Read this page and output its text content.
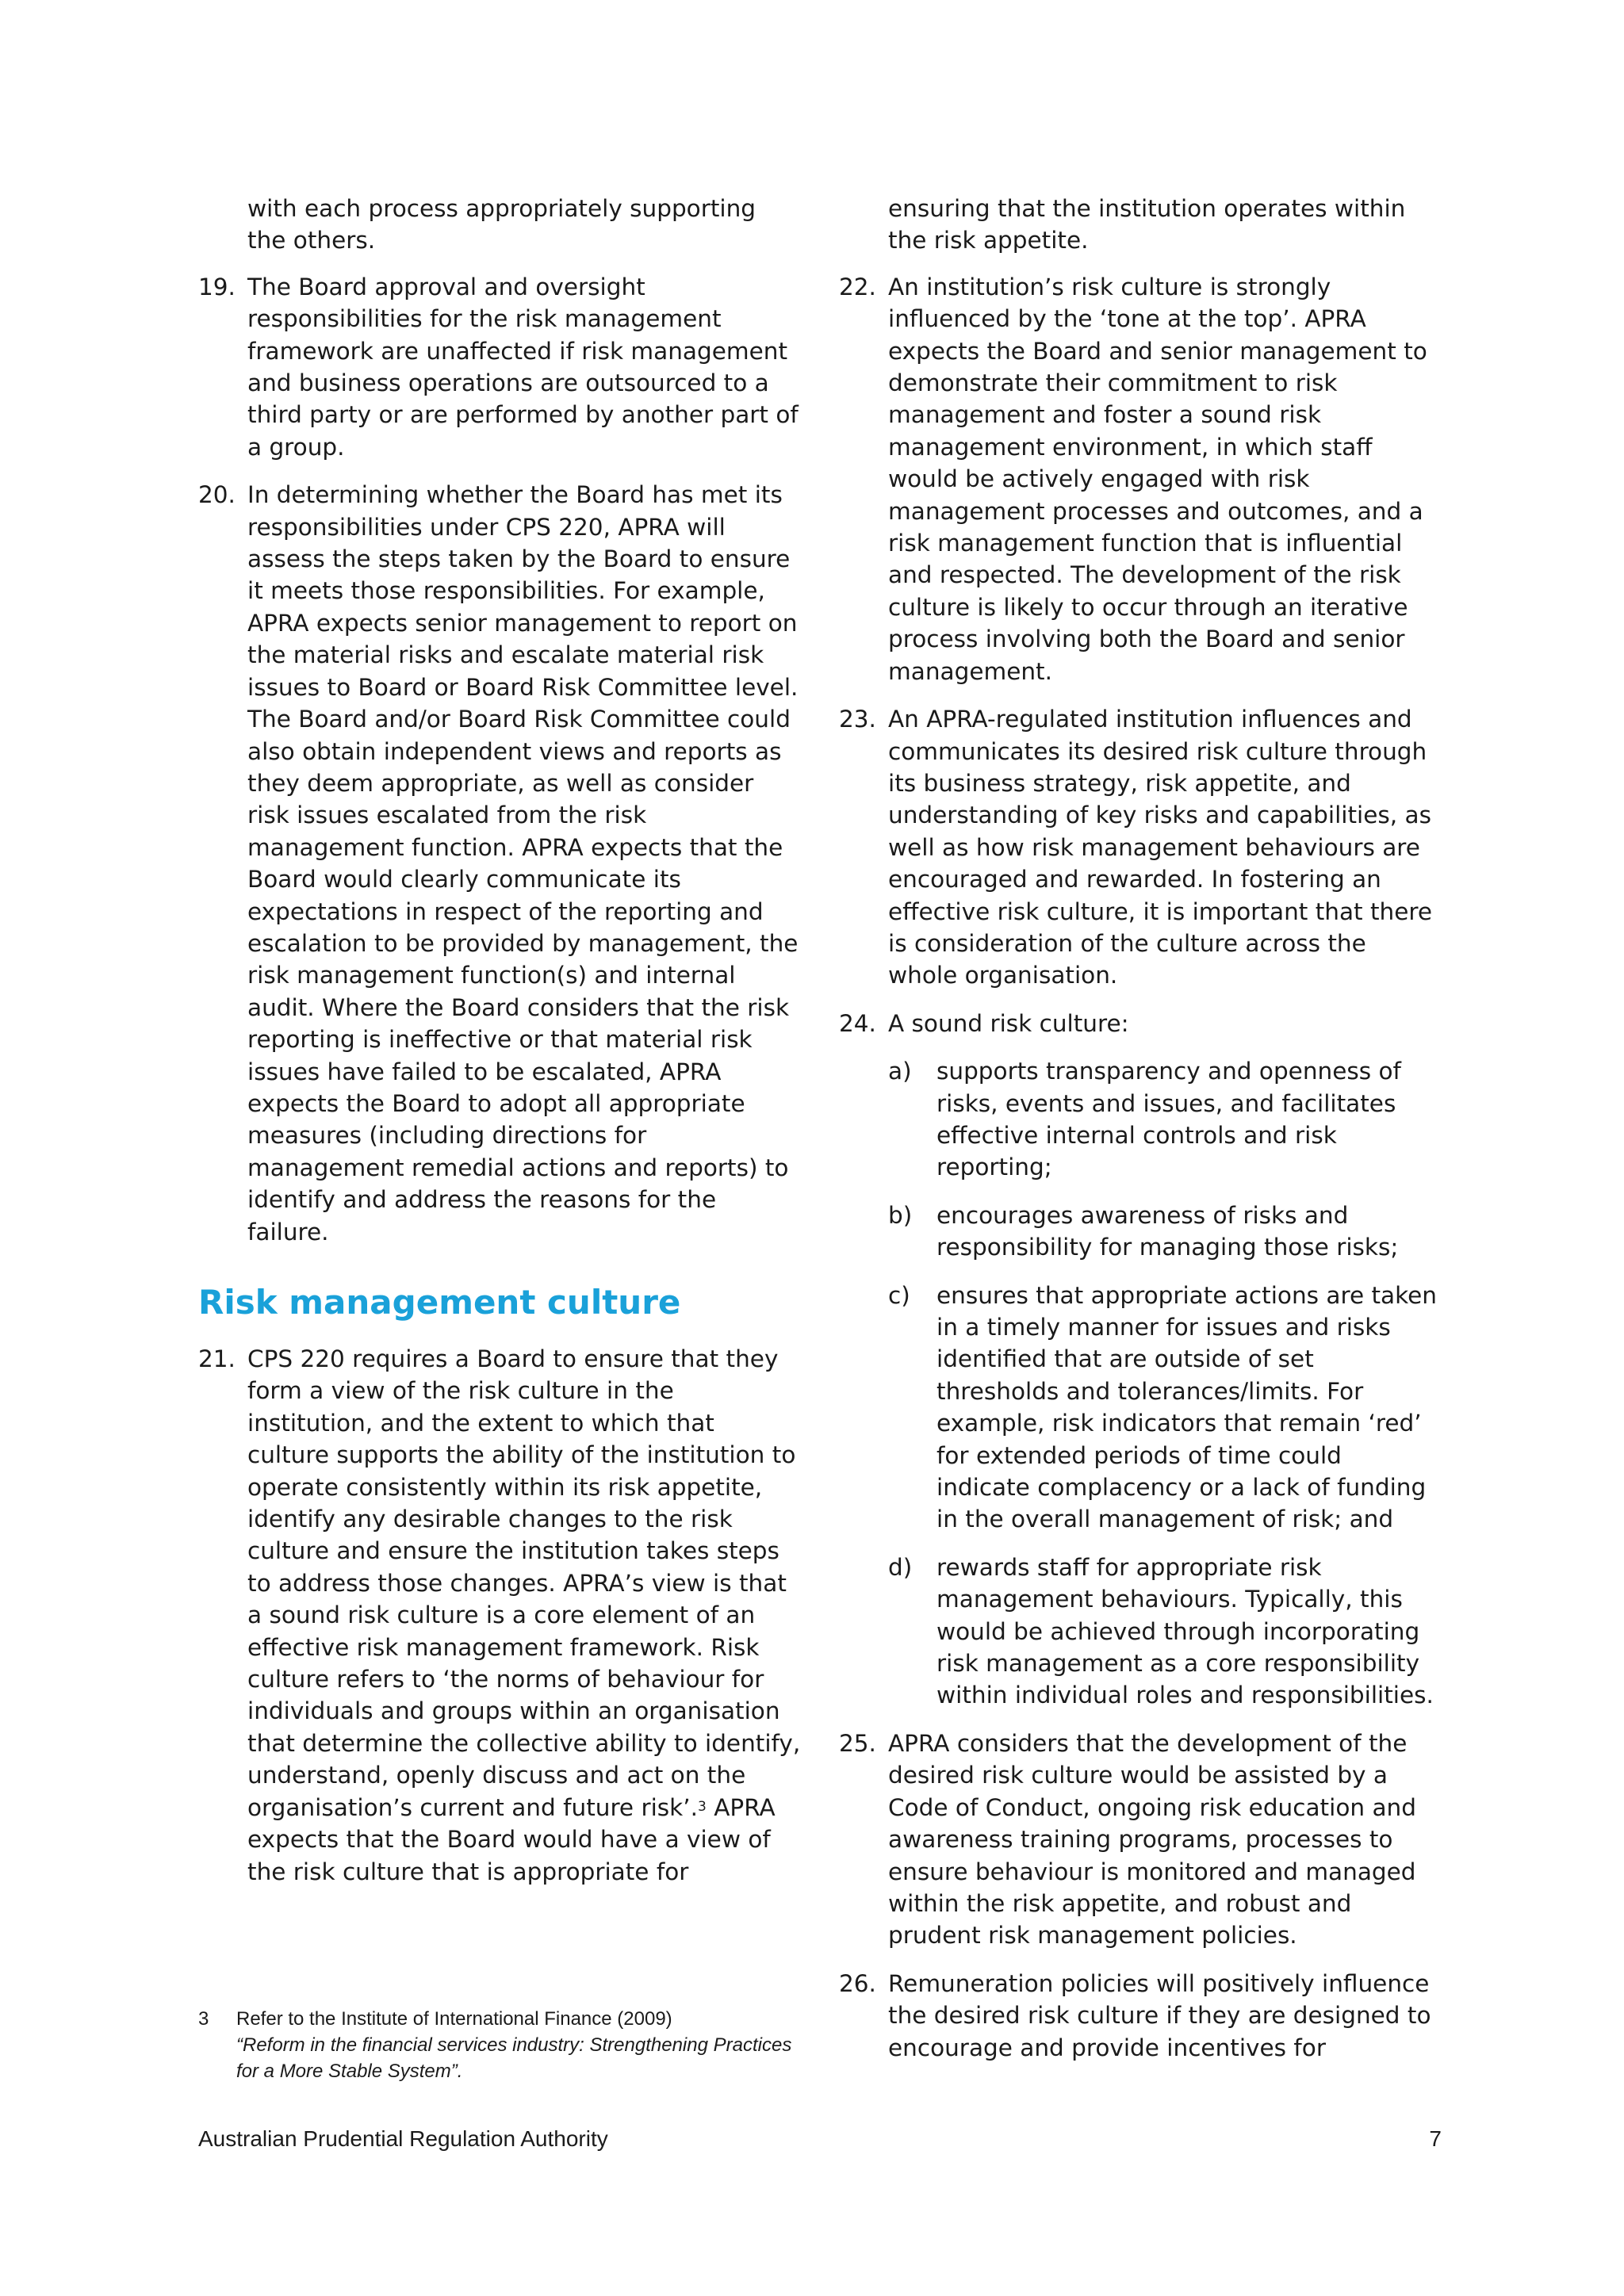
with each process appropriately supporting the others.

19. The Board approval and oversight responsibilities for the risk management framework are unaffected if risk management and business operations are outsourced to a third party or are performed by another part of a group.
20. In determining whether the Board has met its responsibilities under CPS 220, APRA will assess the steps taken by the Board to ensure it meets those responsibilities. For example, APRA expects senior management to report on the material risks and escalate material risk issues to Board or Board Risk Committee level. The Board and/or Board Risk Committee could also obtain independent views and reports as they deem appropriate, as well as consider risk issues escalated from the risk management function. APRA expects that the Board would clearly communicate its expectations in respect of the reporting and escalation to be provided by management, the risk management function(s) and internal audit. Where the Board considers that the risk reporting is ineffective or that material risk issues have failed to be escalated, APRA expects the Board to adopt all appropriate measures (including directions for management remedial actions and reports) to identify and address the reasons for the failure.
Risk management culture
21. CPS 220 requires a Board to ensure that they form a view of the risk culture in the institution, and the extent to which that culture supports the ability of the institution to operate consistently within its risk appetite, identify any desirable changes to the risk culture and ensure the institution takes steps to address those changes. APRA’s view is that a sound risk culture is a core element of an effective risk management framework. Risk culture refers to ‘the norms of behaviour for individuals and groups within an organisation that determine the collective ability to identify, understand, openly discuss and act on the organisation’s current and future risk’.$^3$ APRA expects that the Board would have a view of the risk culture that is appropriate for

ensuring that the institution operates within the risk appetite.

22. An institution’s risk culture is strongly influenced by the ‘tone at the top’. APRA expects the Board and senior management to demonstrate their commitment to risk management and foster a sound risk management environment, in which staff would be actively engaged with risk management processes and outcomes, and a risk management function that is influential and respected. The development of the risk culture is likely to occur through an iterative process involving both the Board and senior management.
23. An APRA-regulated institution influences and communicates its desired risk culture through its business strategy, risk appetite, and understanding of key risks and capabilities, as well as how risk management behaviours are encouraged and rewarded. In fostering an effective risk culture, it is important that there is consideration of the culture across the whole organisation.
24. A sound risk culture:
a) supports transparency and openness of risks, events and issues, and facilitates effective internal controls and risk reporting;
b) encourages awareness of risks and responsibility for managing those risks;
c) ensures that appropriate actions are taken in a timely manner for issues and risks identified that are outside of set thresholds and tolerances/limits. For example, risk indicators that remain ‘red’ for extended periods of time could indicate complacency or a lack of funding in the overall management of risk; and
d) rewards staff for appropriate risk management behaviours. Typically, this would be achieved through incorporating risk management as a core responsibility within individual roles and responsibilities.
25. APRA considers that the development of the desired risk culture would be assisted by a Code of Conduct, ongoing risk education and awareness training programs, processes to ensure behaviour is monitored and managed within the risk appetite, and robust and prudent risk management policies.
26. Remuneration policies will positively influence the desired risk culture if they are designed to encourage and provide incentives for
3	Refer to the Institute of International Finance (2009)
“Reform in the financial services industry: Strengthening Practices for a More Stable System”.
Australian Prudential Regulation Authority	7
